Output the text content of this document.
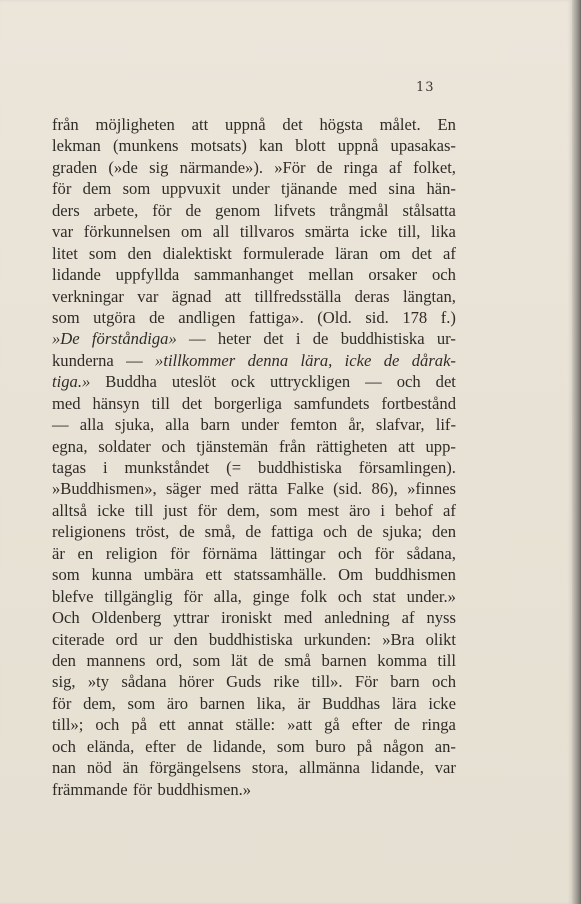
13
från möjligheten att uppnå det högsta målet. En
lekman (munkens motsats) kan blott uppnå upasakas-
graden (»de sig närmande»). »För de ringa af folket,
för dem som uppvuxit under tjänande med sina hän-
ders arbete, för de genom lifvets trångmål stålsatta
var förkunnelsen om all tillvaros smärta icke till, lika
litet som den dialektiskt formulerade läran om det af
lidande uppfyllda sammanhanget mellan orsaker och
verkningar var ägnad att tillfredsställa deras längtan,
som utgöra de andligen fattiga». (Old. sid. 178 f.)
»De förståndiga» — heter det i de buddhistiska ur-
kunderna — »tillkommer denna lära, icke de dårak-
tiga.» Buddha uteslöt ock uttryckligen — och det
med hänsyn till det borgerliga samfundets fortbestånd
— alla sjuka, alla barn under femton år, slafvar, lif-
egna, soldater och tjänstemän från rättigheten att upp-
tagas i munkståndet (= buddhistiska församlingen).
»Buddhismen», säger med rätta Falke (sid. 86), »finnes
alltså icke till just för dem, som mest äro i behof af
religionens tröst, de små, de fattiga och de sjuka; den
är en religion för förnäma lättingar och för sådana,
som kunna umbära ett statssamhälle. Om buddhismen
blefve tillgänglig för alla, ginge folk och stat under.»
Och Oldenberg yttrar ironiskt med anledning af nyss
citerade ord ur den buddhistiska urkunden: »Bra olikt
den mannens ord, som lät de små barnen komma till
sig, »ty sådana hörer Guds rike till». För barn och
för dem, som äro barnen lika, är Buddhas lära icke
till»; och på ett annat ställe: »att gå efter de ringa
och elända, efter de lidande, som buro på någon an-
nan nöd än förgängelsens stora, allmänna lidande, var
främmande för buddhismen.»
